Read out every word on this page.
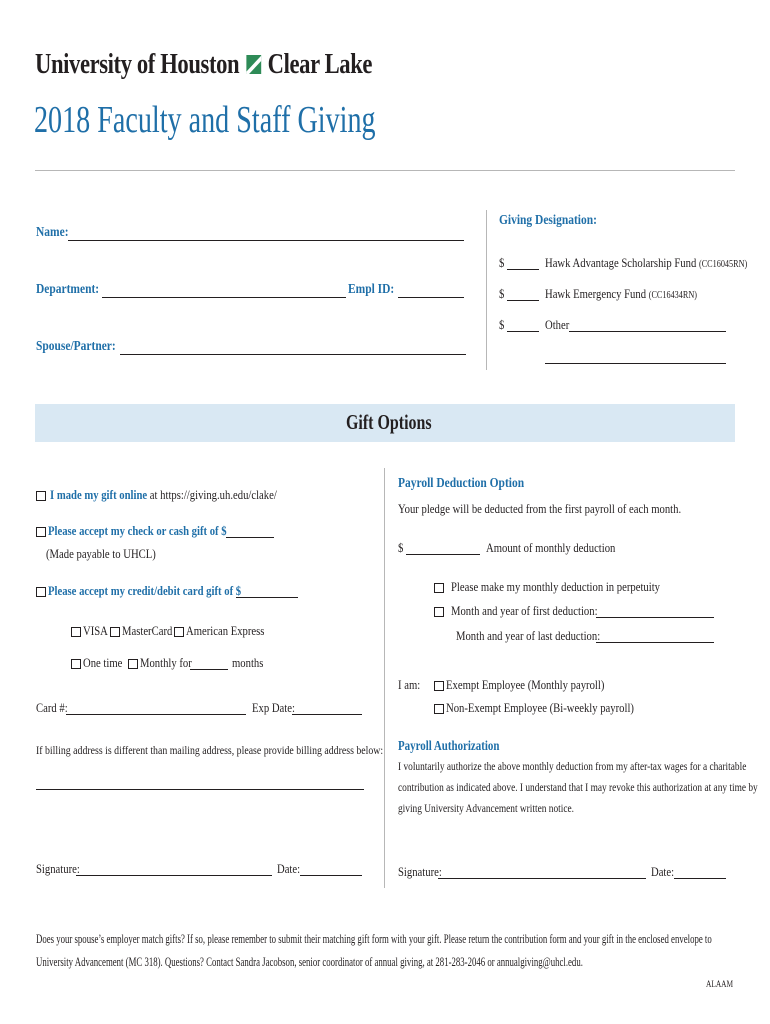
University of Houston Clear Lake
2018 Faculty and Staff Giving
Name:
Department:	Empl ID:
Spouse/Partner:
Giving Designation:
$	Hawk Advantage Scholarship Fund (CC16045RN)
$	Hawk Emergency Fund (CC16434RN)
$	Other
Gift Options
I made my gift online at https://giving.uh.edu/clake/
Please accept my check or cash gift of $
(Made payable to UHCL)
Please accept my credit/debit card gift of $
VISA	MasterCard	American Express
One time	Monthly for	months
Card #:	Exp Date:
If billing address is different than mailing address, please provide billing address below:
Signature:	Date:
Payroll Deduction Option
Your pledge will be deducted from the first payroll of each month.
$	Amount of monthly deduction
Please make my monthly deduction in perpetuity
Month and year of first deduction:
Month and year of last deduction:
I am:	Exempt Employee (Monthly payroll)
Non-Exempt Employee (Bi-weekly payroll)
Payroll Authorization
I voluntarily authorize the above monthly deduction from my after-tax wages for a charitable
contribution as indicated above. I understand that I may revoke this authorization at any time by
giving University Advancement written notice.
Signature:	Date:
Does your spouse’s employer match gifts? If so, please remember to submit their matching gift form with your gift. Please return the contribution form and your gift in the enclosed envelope to
University Advancement (MC 318). Questions? Contact Sandra Jacobson, senior coordinator of annual giving, at 281-283-2046 or annualgiving@uhcl.edu.
ALAAM
